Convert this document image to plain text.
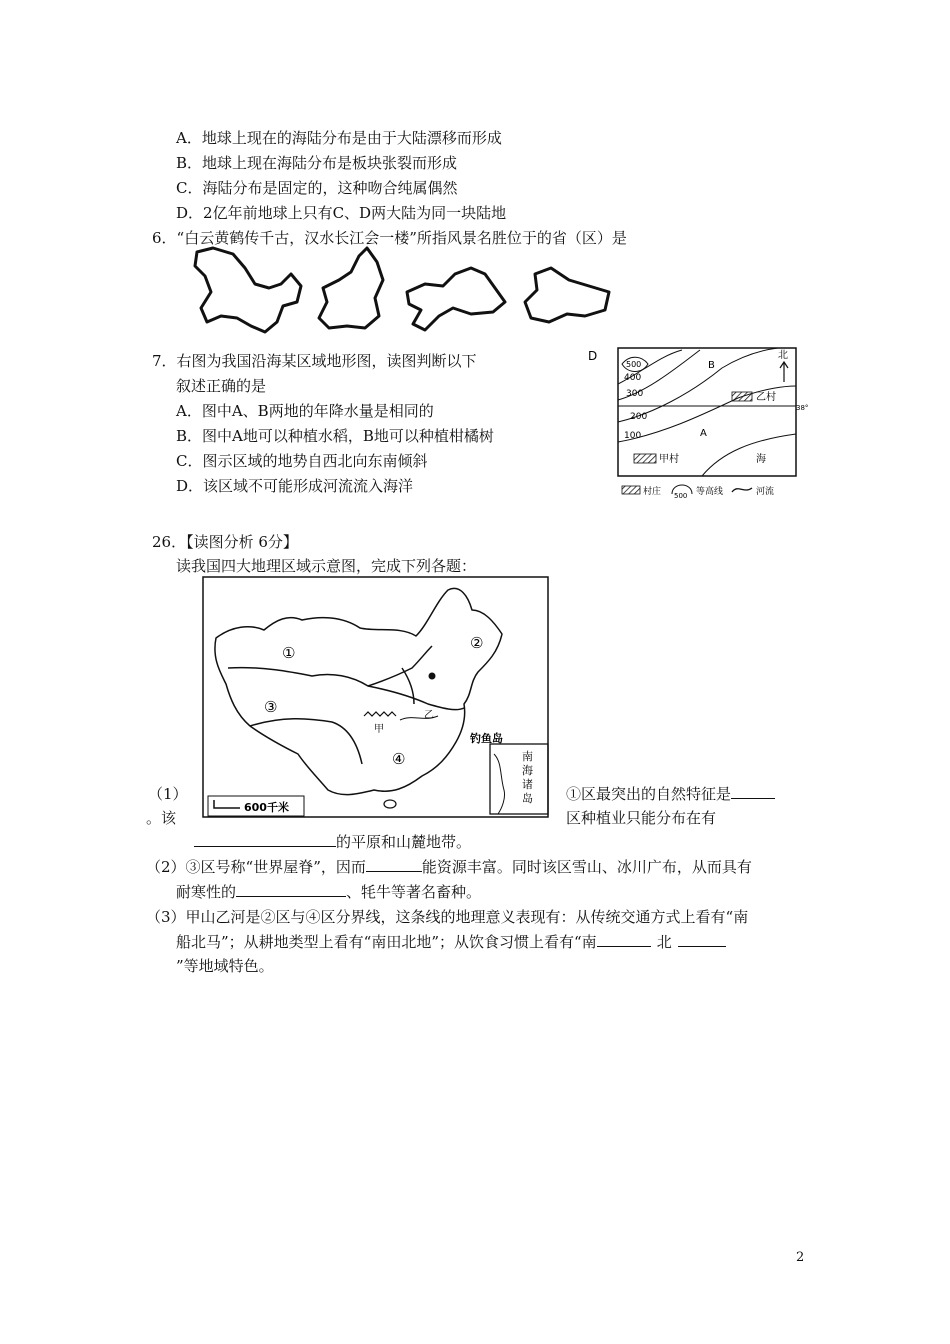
A．地球上现在的海陆分布是由于大陆漂移而形成
B．地球上现在海陆分布是板块张裂而形成
C．海陆分布是固定的，这种吻合纯属偶然
D．2亿年前地球上只有C、D两大陆为同一块陆地
6．“白云黄鹤传千古，汉水长江会一楼”所指风景名胜位于的省（区）是
7．右图为我国沿海某区域地形图，读图判断以下
叙述正确的是
A．图中A、B两地的年降水量是相同的
B．图中A地可以种植水稻，B地可以种植柑橘树
C．图示区域的地势自西北向东南倾斜
D．该区域不可能形成河流流入海洋
D
500
400
300
200
100
B
A
北
乙村
38°
甲村	海
村庄 500 等高线	河流
26．【读图分析 6分】
读我国四大地理区域示意图，完成下列各题：
①
②
③
④
甲
乙
钓鱼岛
南
海
诸
岛
600千米
（1）	①区最突出的自然特征是
。该	区种植业只能分布在有
的平原和山麓地带。
（2）③区号称“世界屋脊”，因而	能资源丰富。同时该区雪山、冰川广布，从而具有
耐寒性的	、牦牛等著名畜种。
（3）甲山乙河是②区与④区分界线，这条线的地理意义表现有：从传统交通方式上看有“南
船北马”；从耕地类型上看有“南田北地”；从饮食习惯上看有“南	北
”等地域特色。
2
